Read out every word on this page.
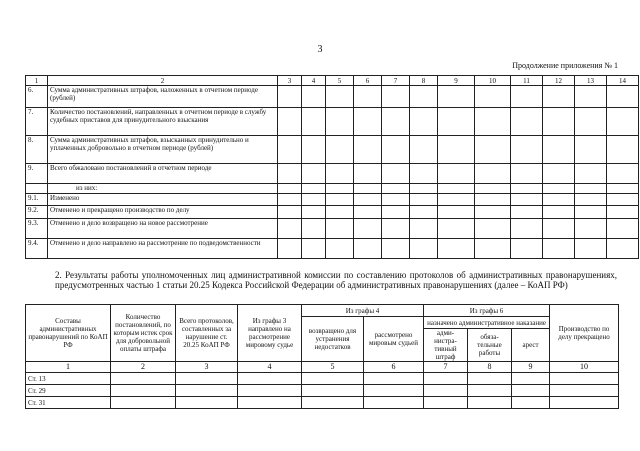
3
Продолжение приложения № 1
1	2	3	4	5	6	7	8	9	10	11	12	13	14
6.	Сумма административных штрафов, наложенных в отчетном периоде (рублей)												
7.	Количество постановлений, направленных в отчетном периоде в службу судебных приставов для принудительного взыскания												
8.	Сумма административных штрафов, взысканных принудительно и уплаченных добровольно в отчетном периоде (рублей)												
9.	Всего обжаловано постановлений в отчетном периоде												
	из них:												
9.1.	Изменено												
9.2.	Отменено и прекращено производство по делу												
9.3.	Отменено и дело возвращено на новое рассмотрение												
9.4.	Отменено и дело направлено на рассмотрение по подведомственности												
2. Результаты работы уполномоченных лиц административной комиссии по составлению протоколов об административных правонарушениях, предусмотренных частью 1 статьи 20.25 Кодекса Российской Федерации об административных правонарушениях (далее – КоАП РФ)
Составы административных правонарушений по КоАП РФ	Количество постановлений, по которым истек срок для добровольной оплаты штрафа	Всего протоколов, составленных за нарушение ст. 20.25 КоАП РФ	Из графы 3 направлено на рассмотрение мировому судье	Из графы 4		Из графы 6			Производство по делу прекращено
				возвращено для устранения недостатков	рассмотрено мировым судьей	назначено административное наказание			
						адми-нистра-тивный штраф	обяза-тельные работы	арест	
1	2	3	4	5	6	7	8	9	10
Ст. 13									
Ст. 29									
Ст. 31									
